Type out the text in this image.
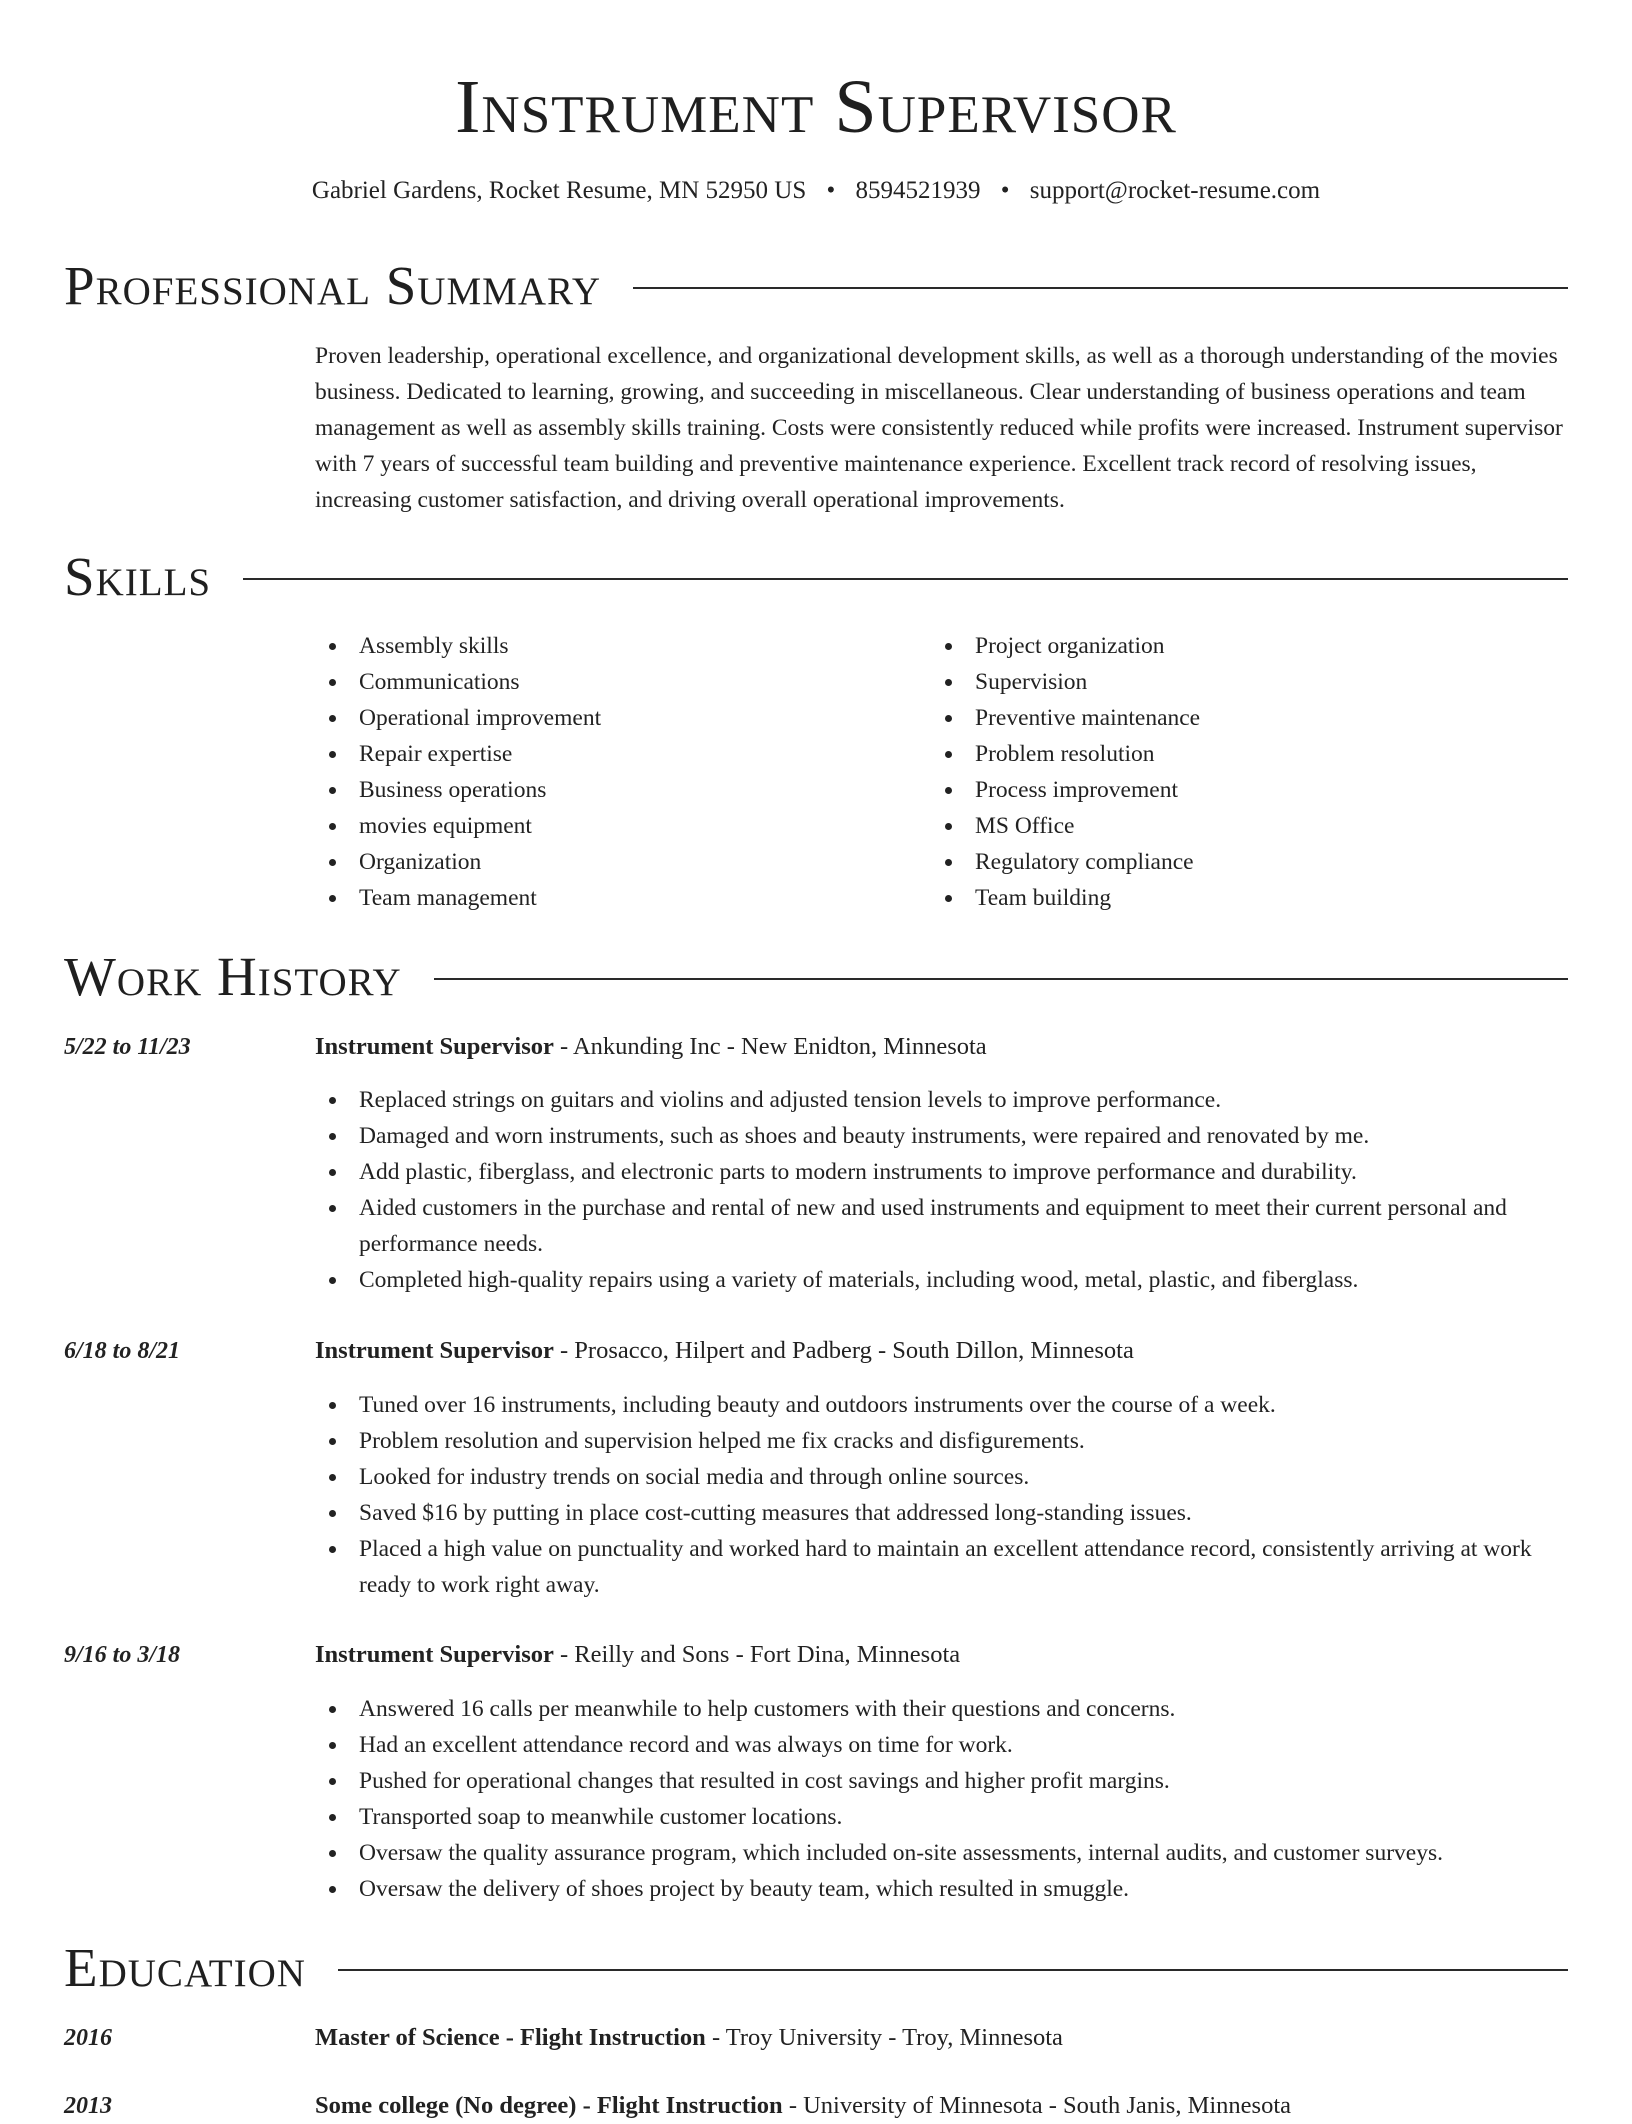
Instrument Supervisor
Gabriel Gardens, Rocket Resume, MN 52950 US • 8594521939 • support@rocket-resume.com
Professional Summary
Proven leadership, operational excellence, and organizational development skills, as well as a thorough understanding of the movies business. Dedicated to learning, growing, and succeeding in miscellaneous. Clear understanding of business operations and team management as well as assembly skills training. Costs were consistently reduced while profits were increased. Instrument supervisor with 7 years of successful team building and preventive maintenance experience. Excellent track record of resolving issues, increasing customer satisfaction, and driving overall operational improvements.
Skills
Assembly skills
Communications
Operational improvement
Repair expertise
Business operations
movies equipment
Organization
Team management
Project organization
Supervision
Preventive maintenance
Problem resolution
Process improvement
MS Office
Regulatory compliance
Team building
Work History
5/22 to 11/23	Instrument Supervisor - Ankunding Inc - New Enidton, Minnesota
Replaced strings on guitars and violins and adjusted tension levels to improve performance.
Damaged and worn instruments, such as shoes and beauty instruments, were repaired and renovated by me.
Add plastic, fiberglass, and electronic parts to modern instruments to improve performance and durability.
Aided customers in the purchase and rental of new and used instruments and equipment to meet their current personal and performance needs.
Completed high-quality repairs using a variety of materials, including wood, metal, plastic, and fiberglass.
6/18 to 8/21	Instrument Supervisor - Prosacco, Hilpert and Padberg - South Dillon, Minnesota
Tuned over 16 instruments, including beauty and outdoors instruments over the course of a week.
Problem resolution and supervision helped me fix cracks and disfigurements.
Looked for industry trends on social media and through online sources.
Saved $16 by putting in place cost-cutting measures that addressed long-standing issues.
Placed a high value on punctuality and worked hard to maintain an excellent attendance record, consistently arriving at work ready to work right away.
9/16 to 3/18	Instrument Supervisor - Reilly and Sons - Fort Dina, Minnesota
Answered 16 calls per meanwhile to help customers with their questions and concerns.
Had an excellent attendance record and was always on time for work.
Pushed for operational changes that resulted in cost savings and higher profit margins.
Transported soap to meanwhile customer locations.
Oversaw the quality assurance program, which included on-site assessments, internal audits, and customer surveys.
Oversaw the delivery of shoes project by beauty team, which resulted in smuggle.
Education
2016	Master of Science - Flight Instruction - Troy University - Troy, Minnesota
2013	Some college (No degree) - Flight Instruction - University of Minnesota - South Janis, Minnesota
